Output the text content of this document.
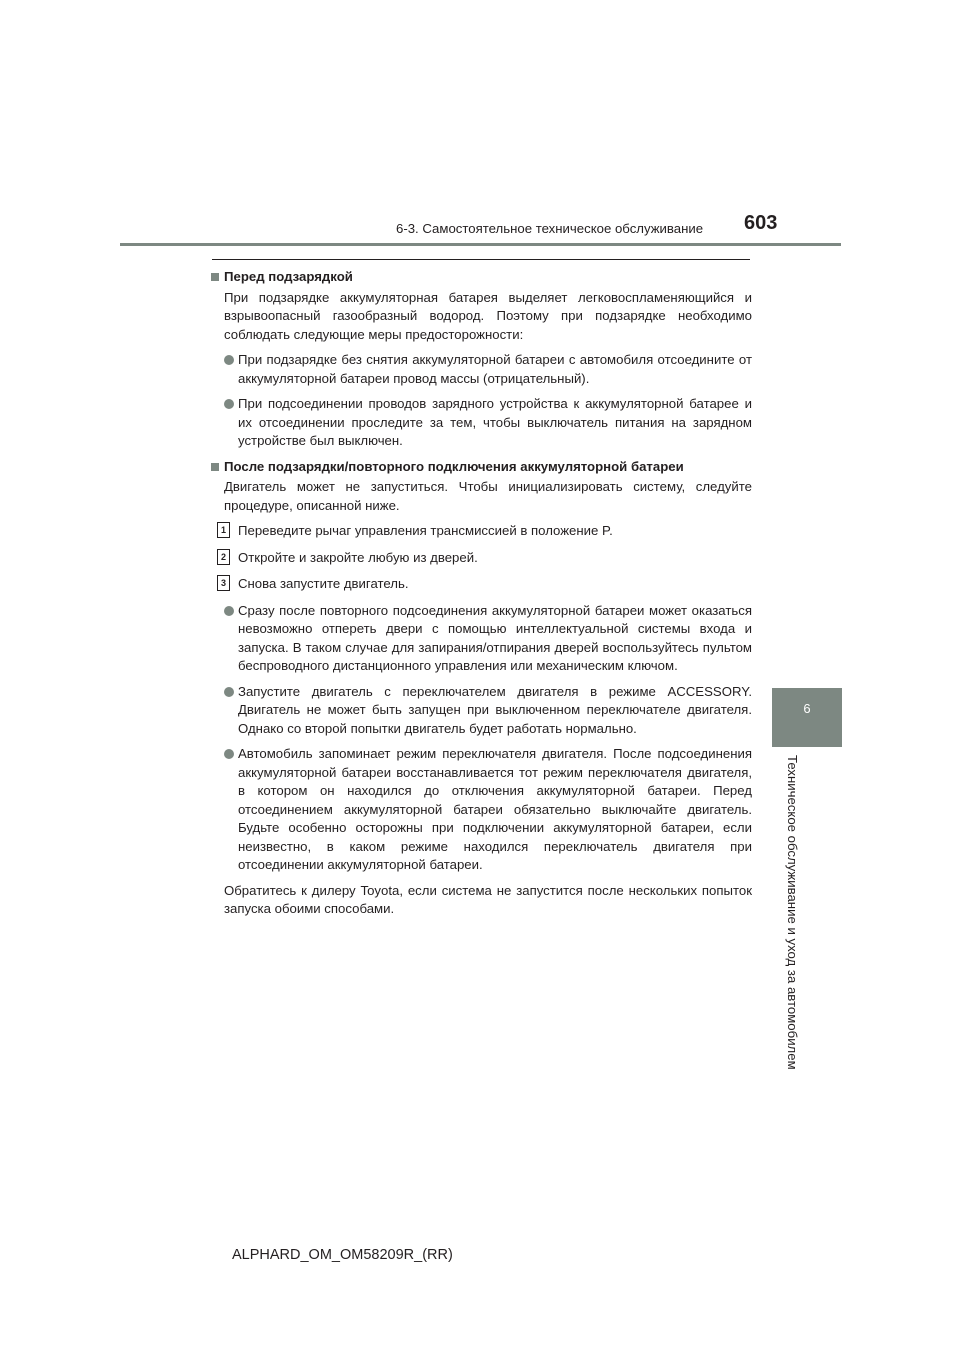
6-3. Самостоятельное техническое обслуживание 603
6
Техническое обслуживание и уход за автомобилем
Перед подзарядкой
При подзарядке аккумуляторная батарея выделяет легковоспламеняющийся и взрывоопасный газообразный водород. Поэтому при подзарядке необходимо соблюдать следующие меры предосторожности:
При подзарядке без снятия аккумуляторной батареи с автомобиля отсоедините от аккумуляторной батареи провод массы (отрицательный).
При подсоединении проводов зарядного устройства к аккумуляторной батарее и их отсоединении проследите за тем, чтобы выключатель питания на зарядном устройстве был выключен.
После подзарядки/повторного подключения аккумуляторной батареи
Двигатель может не запуститься. Чтобы инициализировать систему, следуйте процедуре, описанной ниже.
1 Переведите рычаг управления трансмиссией в положение P.
2 Откройте и закройте любую из дверей.
3 Снова запустите двигатель.
Сразу после повторного подсоединения аккумуляторной батареи может оказаться невозможно отпереть двери с помощью интеллектуальной системы входа и запуска. В таком случае для запирания/отпирания дверей воспользуйтесь пультом беспроводного дистанционного управления или механическим ключом.
Запустите двигатель с переключателем двигателя в режиме ACCESSORY. Двигатель не может быть запущен при выключенном переключателе двигателя. Однако со второй попытки двигатель будет работать нормально.
Автомобиль запоминает режим переключателя двигателя. После подсоединения аккумуляторной батареи восстанавливается тот режим переключателя двигателя, в котором он находился до отключения аккумуляторной батареи. Перед отсоединением аккумуляторной батареи обязательно выключайте двигатель. Будьте особенно осторожны при подключении аккумуляторной батареи, если неизвестно, в каком режиме находился переключатель двигателя при отсоединении аккумуляторной батареи.
Обратитесь к дилеру Toyota, если система не запустится после нескольких попыток запуска обоими способами.
ALPHARD_OM_OM58209R_(RR)
